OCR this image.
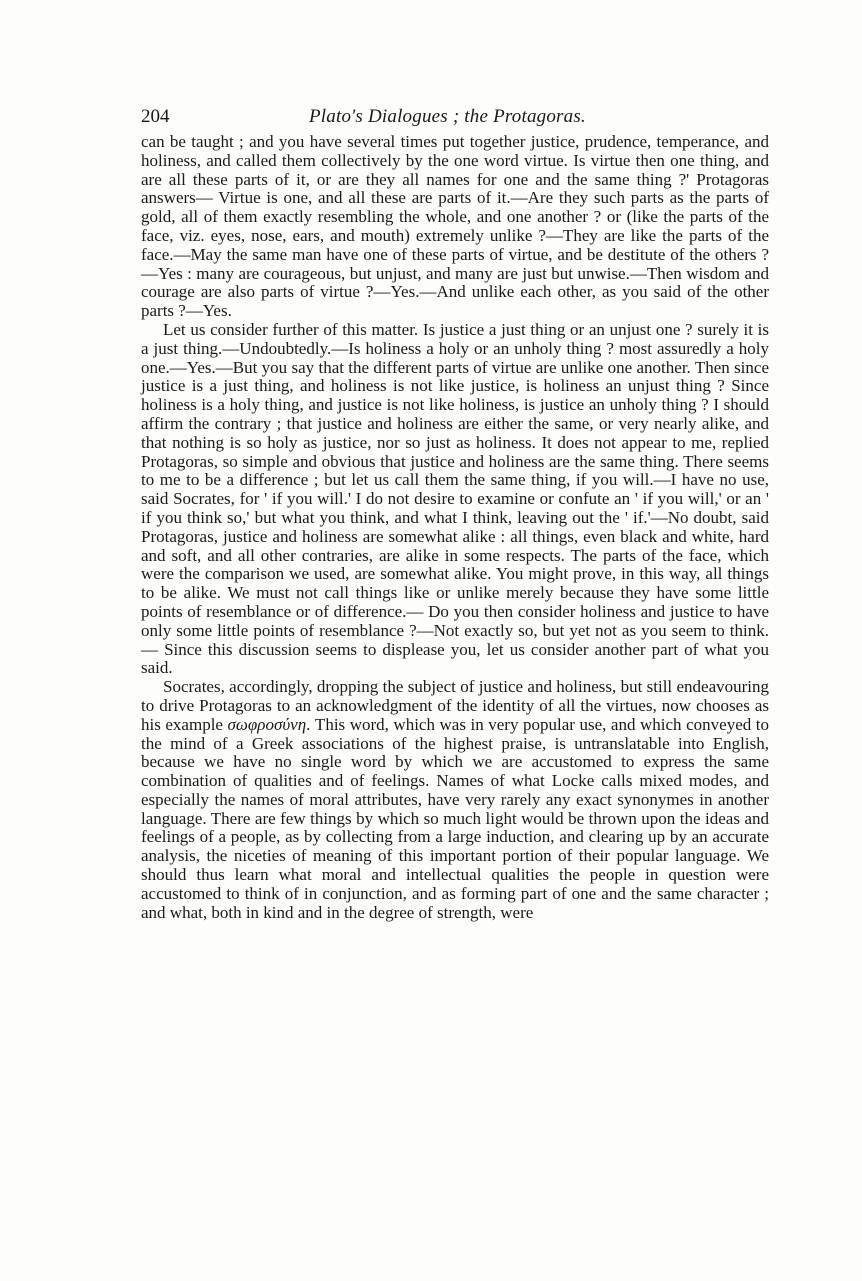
204	Plato's Dialogues ; the Protagoras.

can be taught ; and you have several times put together justice, prudence, temperance, and holiness, and called them collectively by the one word virtue. Is virtue then one thing, and are all these parts of it, or are they all names for one and the same thing ?' Protagoras answers— Virtue is one, and all these are parts of it.—Are they such parts as the parts of gold, all of them exactly resembling the whole, and one another ? or (like the parts of the face, viz. eyes, nose, ears, and mouth) extremely unlike ?—They are like the parts of the face.—May the same man have one of these parts of virtue, and be destitute of the others ?—Yes : many are courageous, but unjust, and many are just but unwise.—Then wisdom and courage are also parts of virtue ?—Yes.—And unlike each other, as you said of the other parts ?—Yes.

Let us consider further of this matter. Is justice a just thing or an unjust one ? surely it is a just thing.—Undoubtedly.—Is holiness a holy or an unholy thing ? most assuredly a holy one.—Yes.—But you say that the different parts of virtue are unlike one another. Then since justice is a just thing, and holiness is not like justice, is holiness an unjust thing ? Since holiness is a holy thing, and justice is not like holiness, is justice an unholy thing ? I should affirm the contrary ; that justice and holiness are either the same, or very nearly alike, and that nothing is so holy as justice, nor so just as holiness. It does not appear to me, replied Protagoras, so simple and obvious that justice and holiness are the same thing. There seems to me to be a difference ; but let us call them the same thing, if you will.—I have no use, said Socrates, for ' if you will.' I do not desire to examine or confute an ' if you will,' or an ' if you think so,' but what you think, and what I think, leaving out the ' if.'—No doubt, said Protagoras, justice and holiness are somewhat alike : all things, even black and white, hard and soft, and all other contraries, are alike in some respects. The parts of the face, which were the comparison we used, are somewhat alike. You might prove, in this way, all things to be alike. We must not call things like or unlike merely because they have some little points of resemblance or of difference.— Do you then consider holiness and justice to have only some little points of resemblance ?—Not exactly so, but yet not as you seem to think.— Since this discussion seems to displease you, let us consider another part of what you said.

Socrates, accordingly, dropping the subject of justice and holiness, but still endeavouring to drive Protagoras to an acknowledgment of the identity of all the virtues, now chooses as his example σωφροσύνη. This word, which was in very popular use, and which conveyed to the mind of a Greek associations of the highest praise, is untranslatable into English, because we have no single word by which we are accustomed to express the same combination of qualities and of feelings. Names of what Locke calls mixed modes, and especially the names of moral attributes, have very rarely any exact synonymes in another language. There are few things by which so much light would be thrown upon the ideas and feelings of a people, as by collecting from a large induction, and clearing up by an accurate analysis, the niceties of meaning of this important portion of their popular language. We should thus learn what moral and intellectual qualities the people in question were accustomed to think of in conjunction, and as forming part of one and the same character ; and what, both in kind and in the degree of strength, were
